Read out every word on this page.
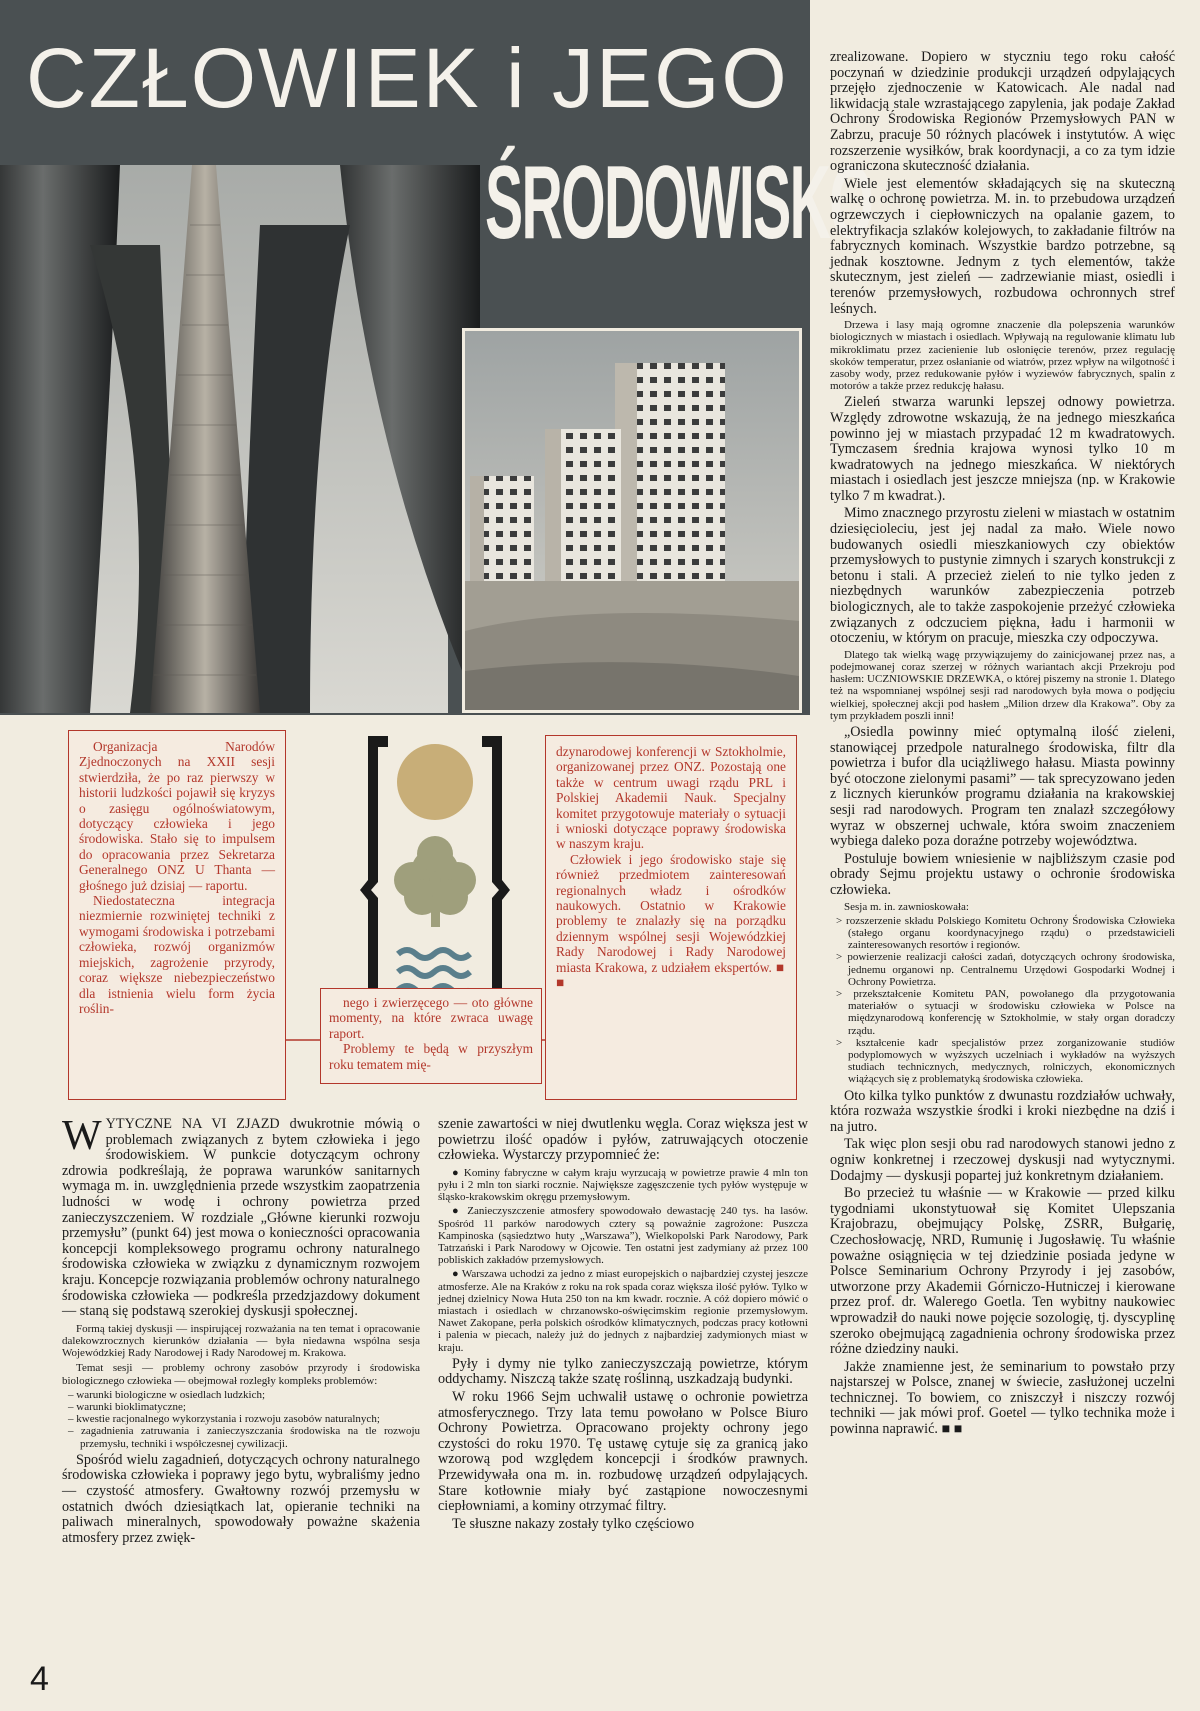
CZŁOWIEK i JEGO
ŚRODOWISKO

zrealizowane. Dopiero w styczniu tego roku całość poczynań w dziedzinie produkcji urządzeń odpylających przejęło zjednoczenie w Katowicach. Ale nadal nad likwidacją stale wzrastającego zapylenia, jak podaje Zakład Ochrony Środowiska Regionów Przemysłowych PAN w Zabrzu, pracuje 50 różnych placówek i instytutów. A więc rozszerzenie wysiłków, brak koordynacji, a co za tym idzie ograniczona skuteczność działania.

Wiele jest elementów składających się na skuteczną walkę o ochronę powietrza. M. in. to przebudowa urządzeń ogrzewczych i ciepłowniczych na opalanie gazem, to elektryfikacja szlaków kolejowych, to zakładanie filtrów na fabrycznych kominach. Wszystkie bardzo potrzebne, są jednak kosztowne. Jednym z tych elementów, także skutecznym, jest zieleń — zadrzewianie miast, osiedli i terenów przemysłowych, rozbudowa ochronnych stref leśnych.

Drzewa i lasy mają ogromne znaczenie dla polepszenia warunków biologicznych w miastach i osiedlach. Wpływają na regulowanie klimatu lub mikroklimatu przez zacienienie lub osłonięcie terenów, przez regulację skoków temperatur, przez osłanianie od wiatrów, przez wpływ na wilgotność i zasoby wody, przez redukowanie pyłów i wyziewów fabrycznych, spalin z motorów a także przez redukcję hałasu.

Zieleń stwarza warunki lepszej odnowy powietrza. Względy zdrowotne wskazują, że na jednego mieszkańca powinno jej w miastach przypadać 12 m kwadratowych. Tymczasem średnia krajowa wynosi tylko 10 m kwadratowych na jednego mieszkańca. W niektórych miastach i osiedlach jest jeszcze mniejsza (np. w Krakowie tylko 7 m kwadrat.).

Mimo znacznego przyrostu zieleni w miastach w ostatnim dziesięcioleciu, jest jej nadal za mało. Wiele nowo budowanych osiedli mieszkaniowych czy obiektów przemysłowych to pustynie zimnych i szarych konstrukcji z betonu i stali. A przecież zieleń to nie tylko jeden z niezbędnych warunków zabezpieczenia potrzeb biologicznych, ale to także zaspokojenie przeżyć człowieka związanych z odczuciem piękna, ładu i harmonii w otoczeniu, w którym on pracuje, mieszka czy odpoczywa.

Dlatego tak wielką wagę przywiązujemy do zainicjowanej przez nas, a podejmowanej coraz szerzej w różnych wariantach akcji Przekroju pod hasłem: UCZNIOWSKIE DRZEWKA, o której piszemy na stronie 1. Dlatego też na wspomnianej wspólnej sesji rad narodowych była mowa o podjęciu wielkiej, społecznej akcji pod hasłem „Milion drzew dla Krakowa”. Oby za tym przykładem poszli inni!

„Osiedla powinny mieć optymalną ilość zieleni, stanowiącej przedpole naturalnego środowiska, filtr dla powietrza i bufor dla uciążliwego hałasu. Miasta powinny być otoczone zielonymi pasami” — tak sprecyzowano jeden z licznych kierunków programu działania na krakowskiej sesji rad narodowych. Program ten znalazł szczegółowy wyraz w obszernej uchwale, która swoim znaczeniem wybiega daleko poza doraźne potrzeby województwa.

Postuluje bowiem wniesienie w najbliższym czasie pod obrady Sejmu projektu ustawy o ochronie środowiska człowieka.

Sesja m. in. zawnioskowała:

> rozszerzenie składu Polskiego Komitetu Ochrony Środowiska Człowieka (stałego organu koordynacyjnego rządu) o przedstawicieli zainteresowanych resortów i regionów.
> powierzenie realizacji całości zadań, dotyczących ochrony środowiska, jednemu organowi np. Centralnemu Urzędowi Gospodarki Wodnej i Ochrony Powietrza.
> przekształcenie Komitetu PAN, powołanego dla przygotowania materiałów o sytuacji w środowisku człowieka w Polsce na międzynarodową konferencję w Sztokholmie, w stały organ doradczy rządu.
> kształcenie kadr specjalistów przez zorganizowanie studiów podyplomowych w wyższych uczelniach i wykładów na wyższych studiach technicznych, medycznych, rolniczych, ekonomicznych wiążących się z problematyką środowiska człowieka.

Oto kilka tylko punktów z dwunastu rozdziałów uchwały, która rozważa wszystkie środki i kroki niezbędne na dziś i na jutro.

Tak więc plon sesji obu rad narodowych stanowi jedno z ogniw konkretnej i rzeczowej dyskusji nad wytycznymi. Dodajmy — dyskusji popartej już konkretnym działaniem.

Bo przecież tu właśnie — w Krakowie — przed kilku tygodniami ukonstytuował się Komitet Ulepszania Krajobrazu, obejmujący Polskę, ZSRR, Bułgarię, Czechosłowację, NRD, Rumunię i Jugosławię. Tu właśnie poważne osiągnięcia w tej dziedzinie posiada jedyne w Polsce Seminarium Ochrony Przyrody i jej zasobów, utworzone przy Akademii Górniczo-Hutniczej i kierowane przez prof. dr. Walerego Goetla. Ten wybitny naukowiec wprowadził do nauki nowe pojęcie sozologię, tj. dyscyplinę szeroko obejmującą zagadnienia ochrony środowiska przez różne dziedziny nauki.

Jakże znamienne jest, że seminarium to powstało przy najstarszej w Polsce, znanej w świecie, zasłużonej uczelni technicznej. To bowiem, co zniszczył i niszczy rozwój techniki — jak mówi prof. Goetel — tylko technika może i powinna naprawić. ■ ■

Organizacja Narodów Zjednoczonych na XXII sesji stwierdziła, że po raz pierwszy w historii ludzkości pojawił się kryzys o zasięgu ogólnoświatowym, dotyczący człowieka i jego środowiska. Stało się to impulsem do opracowania przez Sekretarza Generalnego ONZ U Thanta — głośnego już dzisiaj — raportu.

Niedostateczna integracja niezmiernie rozwiniętej techniki z wymogami środowiska i potrzebami człowieka, rozwój organizmów miejskich, zagrożenie przyrody, coraz większe niebezpieczeństwo dla istnienia wielu form życia roślin-	nego i zwierzęcego — oto główne momenty, na które zwraca uwagę raport.

Problemy te będą w przyszłym roku tematem mię-

dzynarodowej konferencji w Sztokholmie, organizowanej przez ONZ. Pozostają one także w centrum uwagi rządu PRL i Polskiej Akademii Nauk. Specjalny komitet przygotowuje materiały o sytuacji i wnioski dotyczące poprawy środowiska w naszym kraju.

Człowiek i jego środowisko staje się również przedmiotem zainteresowań regionalnych władz i ośrodków naukowych. Ostatnio w Krakowie problemy te znalazły się na porządku dziennym wspólnej sesji Wojewódzkiej Rady Narodowej i Rady Narodowej miasta Krakowa, z udziałem ekspertów. ■ ■

WYTYCZNE NA VI ZJAZD dwukrotnie mówią o problemach związanych z bytem człowieka i jego środowiskiem. W punkcie dotyczącym ochrony zdrowia podkreślają, że poprawa warunków sanitarnych wymaga m. in. uwzględnienia przede wszystkim zaopatrzenia ludności w wodę i ochrony powietrza przed zanieczyszczeniem. W rozdziale „Główne kierunki rozwoju przemysłu” (punkt 64) jest mowa o konieczności opracowania koncepcji kompleksowego programu ochrony naturalnego środowiska człowieka w związku z dynamicznym rozwojem kraju. Koncepcje rozwiązania problemów ochrony naturalnego środowiska człowieka — podkreśla przedzjazdowy dokument — staną się podstawą szerokiej dyskusji społecznej.

Formą takiej dyskusji — inspirującej rozważania na ten temat i opracowanie dalekowzrocznych kierunków działania — była niedawna wspólna sesja Wojewódzkiej Rady Narodowej i Rady Narodowej m. Krakowa.

Temat sesji — problemy ochrony zasobów przyrody i środowiska biologicznego człowieka — obejmował rozległy kompleks problemów:

– warunki biologiczne w osiedlach ludzkich;
– warunki bioklimatyczne;
– kwestie racjonalnego wykorzystania i rozwoju zasobów naturalnych;
– zagadnienia zatruwania i zanieczyszczania środowiska na tle rozwoju przemysłu, techniki i współczesnej cywilizacji.

Spośród wielu zagadnień, dotyczących ochrony naturalnego środowiska człowieka i poprawy jego bytu, wybraliśmy jedno — czystość atmosfery. Gwałtowny rozwój przemysłu w ostatnich dwóch dziesiątkach lat, opieranie techniki na paliwach mineralnych, spowodowały poważne skażenia atmosfery przez zwięk-

szenie zawartości w niej dwutlenku węgla. Coraz większa jest w powietrzu ilość opadów i pyłów, zatruwających otoczenie człowieka. Wystarczy przypomnieć że:

● Kominy fabryczne w całym kraju wyrzucają w powietrze prawie 4 mln ton pyłu i 2 mln ton siarki rocznie. Największe zagęszczenie tych pyłów występuje w śląsko-krakowskim okręgu przemysłowym.

● Zanieczyszczenie atmosfery spowodowało dewastację 240 tys. ha lasów. Spośród 11 parków narodowych cztery są poważnie zagrożone: Puszcza Kampinoska (sąsiedztwo huty „Warszawa”), Wielkopolski Park Narodowy, Park Tatrzański i Park Narodowy w Ojcowie. Ten ostatni jest zadymiany aż przez 100 pobliskich zakładów przemysłowych.

● Warszawa uchodzi za jedno z miast europejskich o najbardziej czystej jeszcze atmosferze. Ale na Kraków z roku na rok spada coraz większa ilość pyłów. Tylko w jednej dzielnicy Nowa Huta 250 ton na km kwadr. rocznie. A cóż dopiero mówić o miastach i osiedlach w chrzanowsko-oświęcimskim regionie przemysłowym. Nawet Zakopane, perła polskich ośrodków klimatycznych, podczas pracy kotłowni i palenia w piecach, należy już do jednych z najbardziej zadymionych miast w kraju.

Pyły i dymy nie tylko zanieczyszczają powietrze, którym oddychamy. Niszczą także szatę roślinną, uszkadzają budynki.

W roku 1966 Sejm uchwalił ustawę o ochronie powietrza atmosferycznego. Trzy lata temu powołano w Polsce Biuro Ochrony Powietrza. Opracowano projekty ochrony jego czystości do roku 1970. Tę ustawę cytuje się za granicą jako wzorową pod względem koncepcji i środków prawnych. Przewidywała ona m. in. rozbudowę urządzeń odpylających. Stare kotłownie miały być zastąpione nowoczesnymi ciepłowniami, a kominy otrzymać filtry.

Te słuszne nakazy zostały tylko częściowo

4
